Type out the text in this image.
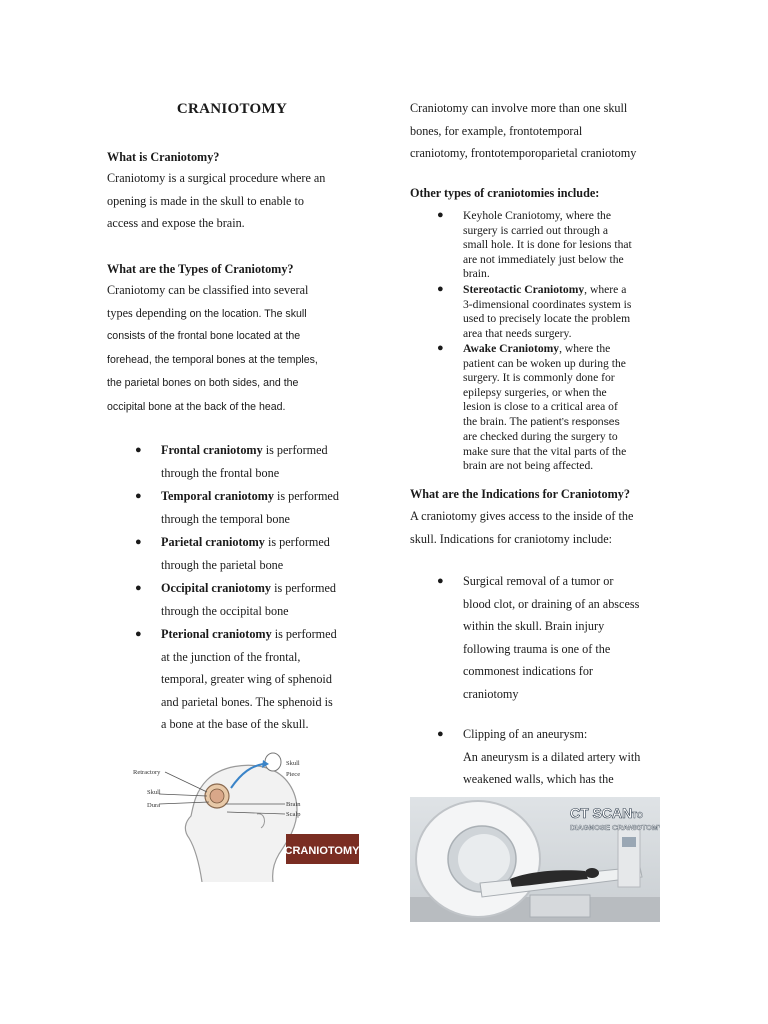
CRANIOTOMY
What is Craniotomy?
Craniotomy is a surgical procedure where an
opening is made in the skull to enable to
access and expose the brain.
What are the Types of Craniotomy?
Craniotomy can be classified into several
types depending on the location. The skull
consists of the frontal bone located at the
forehead, the temporal bones at the temples,
the parietal bones on both sides, and the
occipital bone at the back of the head.
● Frontal craniotomy is performed
through the frontal bone
● Temporal craniotomy is performed
through the temporal bone
● Parietal craniotomy is performed
through the parietal bone
● Occipital craniotomy is performed
through the occipital bone
● Pterional craniotomy is performed
at the junction of the frontal,
temporal, greater wing of sphenoid
and parietal bones. The sphenoid is
a bone at the base of the skull.
Retractory
Skull
Dura
Skull
Piece
Brain
Scalp
CRANIOTOMY
Craniotomy can involve more than one skull
bones, for example, frontotemporal
craniotomy, frontotemporoparietal craniotomy
Other types of craniotomies include:
● Keyhole Craniotomy, where the
surgery is carried out through a
small hole. It is done for lesions that
are not immediately just below the
brain.
● Stereotactic Craniotomy, where a
3-dimensional coordinates system is
used to precisely locate the problem
area that needs surgery.
● Awake Craniotomy, where the
patient can be woken up during the
surgery. It is commonly done for
epilepsy surgeries, or when the
lesion is close to a critical area of
the brain. The patient’s responses
are checked during the surgery to
make sure that the vital parts of the
brain are not being affected.
What are the Indications for Craniotomy?
A craniotomy gives access to the inside of the
skull. Indications for craniotomy include:
● Surgical removal of a tumor or
blood clot, or draining of an abscess
within the skull. Brain injury
following trauma is one of the
commonest indications for
craniotomy
● Clipping of an aneurysm:
An aneurysm is a dilated artery with
weakened walls, which has the
CT SCAN TO
DIAGNOSE CRANIOTOMY
